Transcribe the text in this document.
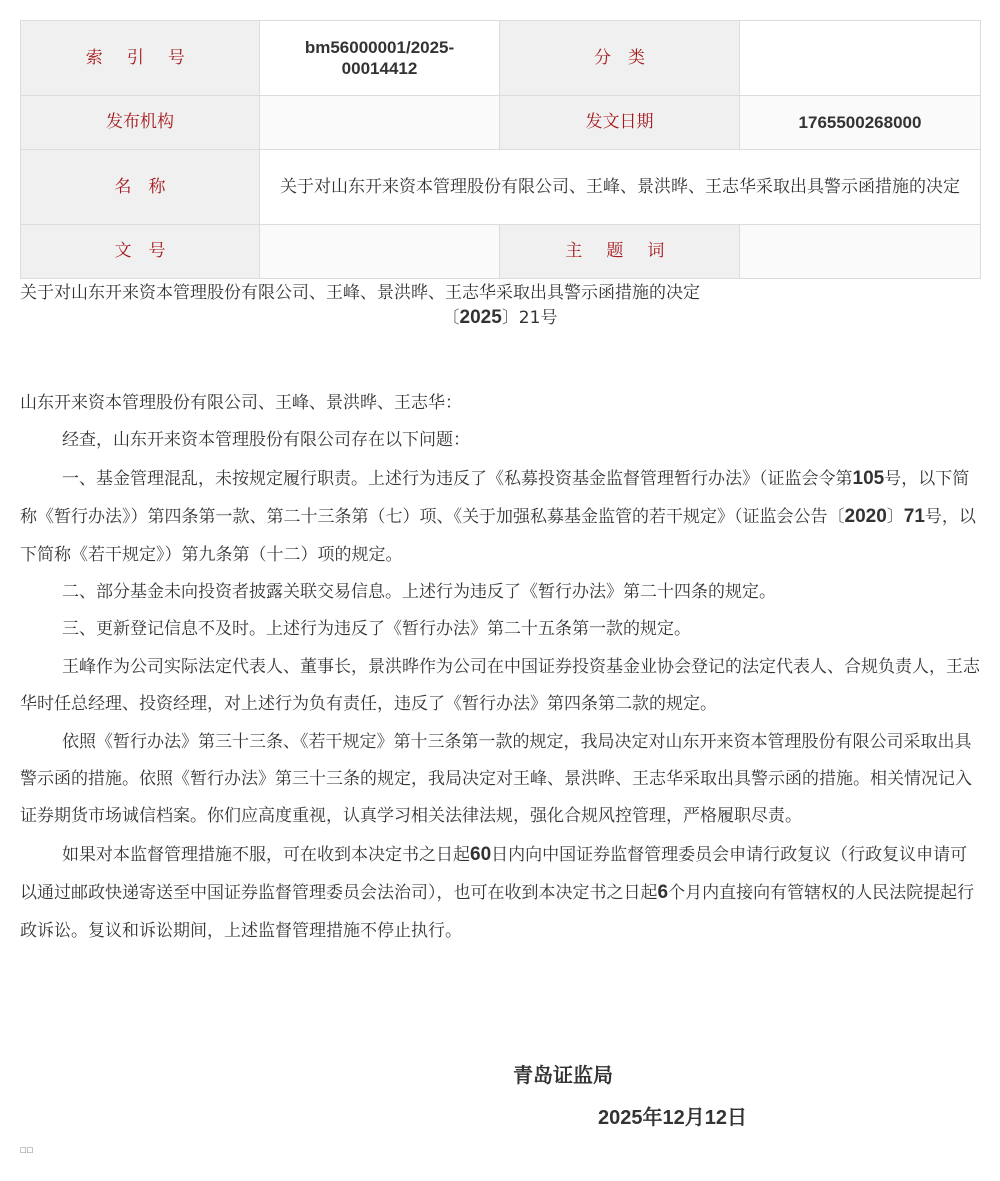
索 引 号	bm56000001/2025-00014412	分　类	
发布机构		发文日期	1765500268000
名　称	关于对山东开来资本管理股份有限公司、王峰、景洪晔、王志华采取出具警示函措施的决定		
文　号		主 题 词	
关于对山东开来资本管理股份有限公司、王峰、景洪晔、王志华采取出具警示函措施的决定
〔2025〕21号

山东开来资本管理股份有限公司、王峰、景洪晔、王志华：

经查，山东开来资本管理股份有限公司存在以下问题：

一、基金管理混乱，未按规定履行职责。上述行为违反了《私募投资基金监督管理暂行办法》（证监会令第105号，以下简称《暂行办法》）第四条第一款、第二十三条第（七）项、《关于加强私募基金监管的若干规定》（证监会公告〔2020〕71号，以下简称《若干规定》）第九条第（十二）项的规定。

二、部分基金未向投资者披露关联交易信息。上述行为违反了《暂行办法》第二十四条的规定。

三、更新登记信息不及时。上述行为违反了《暂行办法》第二十五条第一款的规定。

王峰作为公司实际法定代表人、董事长，景洪晔作为公司在中国证券投资基金业协会登记的法定代表人、合规负责人，王志华时任总经理、投资经理，对上述行为负有责任，违反了《暂行办法》第四条第二款的规定。

依照《暂行办法》第三十三条、《若干规定》第十三条第一款的规定，我局决定对山东开来资本管理股份有限公司采取出具警示函的措施。依照《暂行办法》第三十三条的规定，我局决定对王峰、景洪晔、王志华采取出具警示函的措施。相关情况记入证券期货市场诚信档案。你们应高度重视，认真学习相关法律法规，强化合规风控管理，严格履职尽责。

如果对本监督管理措施不服，可在收到本决定书之日起60日内向中国证券监督管理委员会申请行政复议（行政复议申请可以通过邮政快递寄送至中国证券监督管理委员会法治司），也可在收到本决定书之日起6个月内直接向有管辖权的人民法院提起行政诉讼。复议和诉讼期间，上述监督管理措施不停止执行。

青岛证监局
2025年12月12日
□□
